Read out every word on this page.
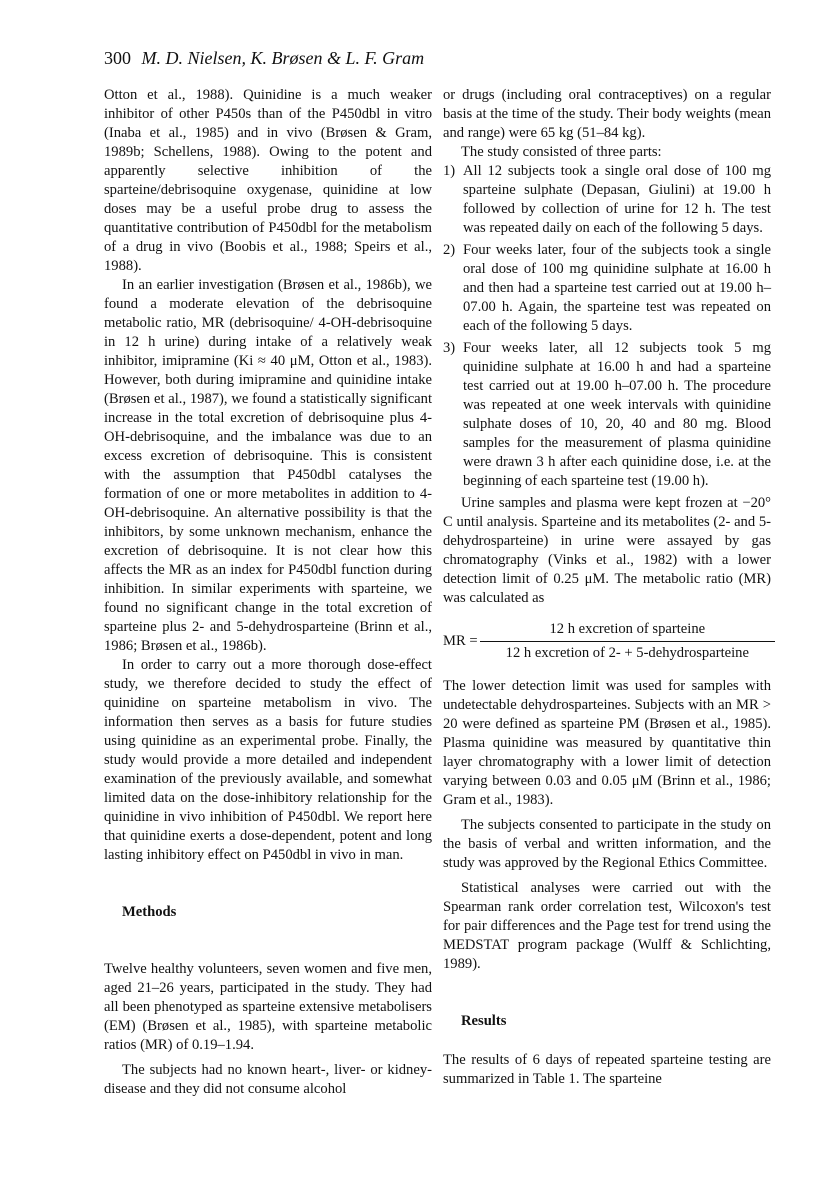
300 M. D. Nielsen, K. Brøsen & L. F. Gram

Otton et al., 1988). Quinidine is a much weaker inhibitor of other P450s than of the P450dbl in vitro (Inaba et al., 1985) and in vivo (Brøsen & Gram, 1989b; Schellens, 1988). Owing to the potent and apparently selective inhibition of the sparteine/debrisoquine oxygenase, quinidine at low doses may be a useful probe drug to assess the quantitative contribution of P450dbl for the metabolism of a drug in vivo (Boobis et al., 1988; Speirs et al., 1988).

In an earlier investigation (Brøsen et al., 1986b), we found a moderate elevation of the debrisoquine metabolic ratio, MR (debrisoquine/ 4-OH-debrisoquine in 12 h urine) during intake of a relatively weak inhibitor, imipramine (Ki ≈ 40 μM, Otton et al., 1983). However, both during imipramine and quinidine intake (Brøsen et al., 1987), we found a statistically significant increase in the total excretion of debrisoquine plus 4-OH-debrisoquine, and the imbalance was due to an excess excretion of debrisoquine. This is consistent with the assumption that P450dbl catalyses the formation of one or more metabolites in addition to 4-OH-debrisoquine. An alternative possibility is that the inhibitors, by some unknown mechanism, enhance the excretion of debrisoquine. It is not clear how this affects the MR as an index for P450dbl function during inhibition. In similar experiments with sparteine, we found no significant change in the total excretion of sparteine plus 2- and 5-dehydrosparteine (Brinn et al., 1986; Brøsen et al., 1986b).

In order to carry out a more thorough dose-effect study, we therefore decided to study the effect of quinidine on sparteine metabolism in vivo. The information then serves as a basis for future studies using quinidine as an experimental probe. Finally, the study would provide a more detailed and independent examination of the previously available, and somewhat limited data on the dose-inhibitory relationship for the quinidine in vivo inhibition of P450dbl. We report here that quinidine exerts a dose-dependent, potent and long lasting inhibitory effect on P450dbl in vivo in man.

Methods

Twelve healthy volunteers, seven women and five men, aged 21–26 years, participated in the study. They had all been phenotyped as sparteine extensive metabolisers (EM) (Brøsen et al., 1985), with sparteine metabolic ratios (MR) of 0.19–1.94.

The subjects had no known heart-, liver- or kidney-disease and they did not consume alcohol

or drugs (including oral contraceptives) on a regular basis at the time of the study. Their body weights (mean and range) were 65 kg (51–84 kg).

The study consisted of three parts:

1) All 12 subjects took a single oral dose of 100 mg sparteine sulphate (Depasan, Giulini) at 19.00 h followed by collection of urine for 12 h. The test was repeated daily on each of the following 5 days.
2) Four weeks later, four of the subjects took a single oral dose of 100 mg quinidine sulphate at 16.00 h and then had a sparteine test carried out at 19.00 h–07.00 h. Again, the sparteine test was repeated on each of the following 5 days.
3) Four weeks later, all 12 subjects took 5 mg quinidine sulphate at 16.00 h and had a sparteine test carried out at 19.00 h–07.00 h. The procedure was repeated at one week intervals with quinidine sulphate doses of 10, 20, 40 and 80 mg. Blood samples for the measurement of plasma quinidine were drawn 3 h after each quinidine dose, i.e. at the beginning of each sparteine test (19.00 h).

Urine samples and plasma were kept frozen at −20° C until analysis. Sparteine and its metabolites (2- and 5-dehydrosparteine) in urine were assayed by gas chromatography (Vinks et al., 1982) with a lower detection limit of 0.25 μM. The metabolic ratio (MR) was calculated as

MR = $\frac{\text{12 h excretion of sparteine}}{\text{12 h excretion of 2- + 5-dehydrosparteine}}$

The lower detection limit was used for samples with undetectable dehydrosparteines. Subjects with an MR > 20 were defined as sparteine PM (Brøsen et al., 1985). Plasma quinidine was measured by quantitative thin layer chromatography with a lower limit of detection varying between 0.03 and 0.05 μM (Brinn et al., 1986; Gram et al., 1983).

The subjects consented to participate in the study on the basis of verbal and written information, and the study was approved by the Regional Ethics Committee.

Statistical analyses were carried out with the Spearman rank order correlation test, Wilcoxon's test for pair differences and the Page test for trend using the MEDSTAT program package (Wulff & Schlichting, 1989).

Results

The results of 6 days of repeated sparteine testing are summarized in Table 1. The sparteine
